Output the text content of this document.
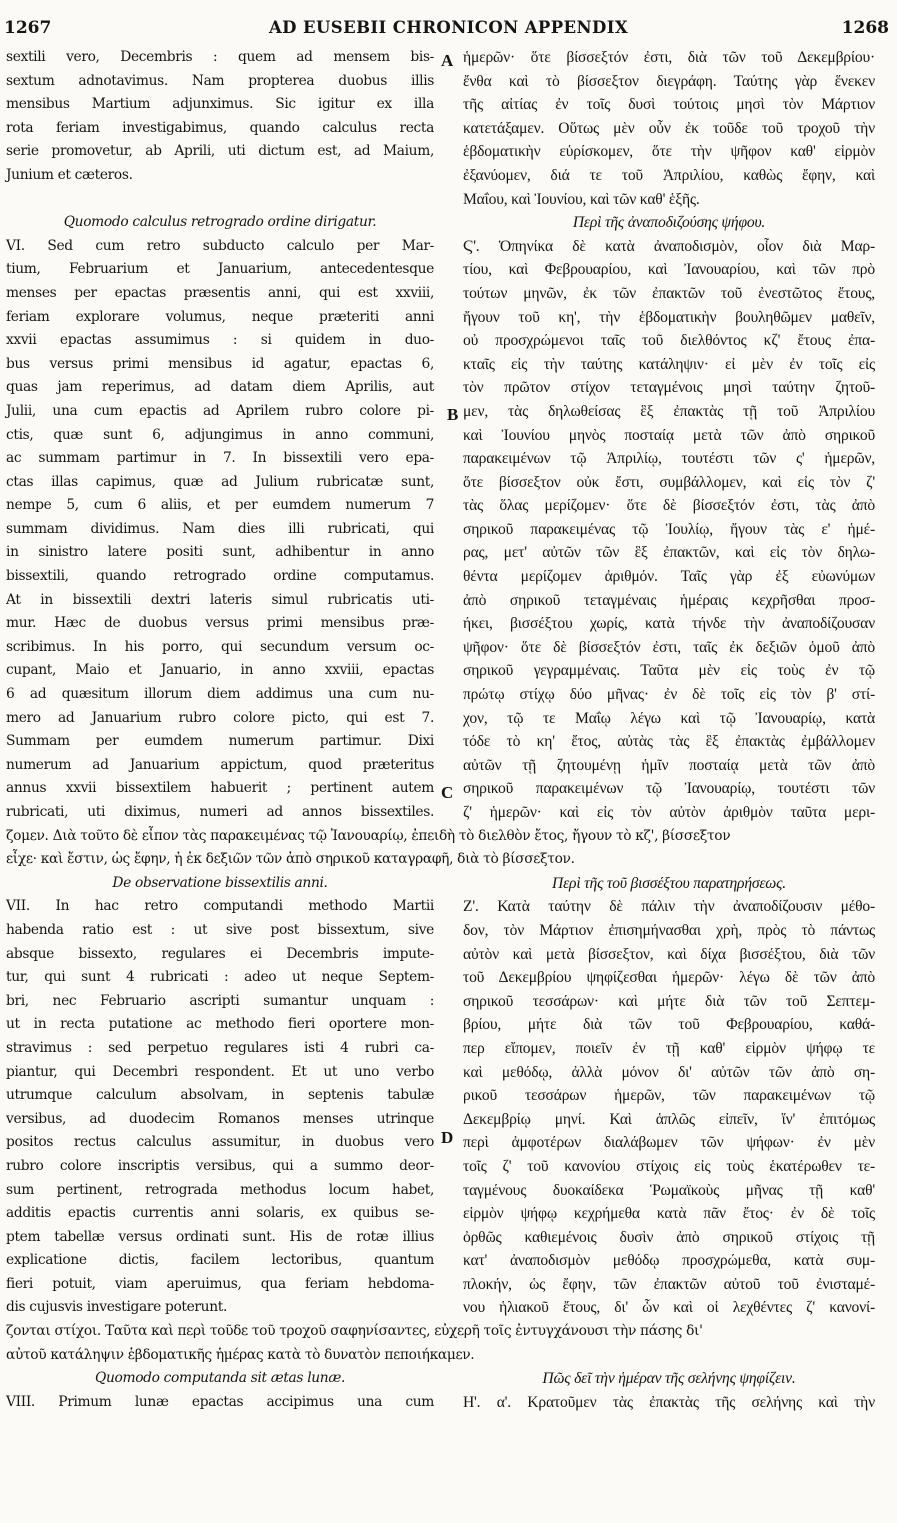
1267	AD EUSEBII CHRONICON APPENDIX	1268
sextili vero, Decembris : quem ad mensem bis-
sextum adnotavimus. Nam propterea duobus illis
mensibus Martium adjunximus. Sic igitur ex illa
rota feriam investigabimus, quando calculus recta
serie promovetur, ab Aprili, uti dictum est, ad Maium,
Junium et cæteros.
Quomodo calculus retrogrado ordine dirigatur.
VI. Sed cum retro subducto calculo per Mar-
tium, Februarium et Januarium, antecedentesque
menses per epactas præsentis anni, qui est xxviii,
feriam explorare volumus, neque præteriti anni
xxvii epactas assumimus : si quidem in duo-
bus versus primi mensibus id agatur, epactas 6,
quas jam reperimus, ad datam diem Aprilis, aut
Julii, una cum epactis ad Aprilem rubro colore pi-
ctis, quæ sunt 6, adjungimus in anno communi,
ac summam partimur in 7. In bissextili vero epa-
ctas illas capimus, quæ ad Julium rubricatæ sunt,
nempe 5, cum 6 aliis, et per eumdem numerum 7
summam dividimus. Nam dies illi rubricati, qui
in sinistro latere positi sunt, adhibentur in anno
bissextili, quando retrogrado ordine computamus.
At in bissextili dextri lateris simul rubricatis uti-
mur. Hæc de duobus versus primi mensibus præ-
scribimus. In his porro, qui secundum versum oc-
cupant, Maio et Januario, in anno xxviii, epactas
6 ad quæsitum illorum diem addimus una cum nu-
mero ad Januarium rubro colore picto, qui est 7.
Summam per eumdem numerum partimur. Dixi
numerum ad Januarium appictum, quod præteritus
annus xxvii bissextilem habuerit ; pertinent autem
rubricati, uti diximus, numeri ad annos bissextiles.
ζομεν. Διὰ τοῦτο δὲ εἶπον τὰς παρακειμένας τῷ Ἰανουαρίῳ, ἐπειδὴ τὸ διελθὸν ἔτος, ἤγουν τὸ κζ', βίσσεξτον
εἶχε· καὶ ἔστιν, ὡς ἔφην, ἡ ἐκ δεξιῶν τῶν ἀπὸ σηρικοῦ καταγραφῆ, διὰ τὸ βίσσεξτον.
De observatione bissextilis anni.
VII. In hac retro computandi methodo Martii
habenda ratio est : ut sive post bissextum, sive
absque bissexto, regulares ei Decembris impute-
tur, qui sunt 4 rubricati : adeo ut neque Septem-
bri, nec Februario ascripti sumantur unquam :
ut in recta putatione ac methodo fieri oportere mon-
stravimus : sed perpetuo regulares isti 4 rubri ca-
piantur, qui Decembri respondent. Et ut uno verbo
utrumque calculum absolvam, in septenis tabulæ
versibus, ad duodecim Romanos menses utrinque
positos rectus calculus assumitur, in duobus vero
rubro colore inscriptis versibus, qui a summo deor-
sum pertinent, retrograda methodus locum habet,
additis epactis currentis anni solaris, ex quibus se-
ptem tabellæ versus ordinati sunt. His de rotæ illius
explicatione dictis, facilem lectoribus, quantum
fieri potuit, viam aperuimus, qua feriam hebdoma-
dis cujusvis investigare poterunt.
ζονται στίχοι. Ταῦτα καὶ περὶ τοῦδε τοῦ τροχοῦ σαφηνίσαντες, εὐχερῆ τοῖς ἐντυγχάνουσι τὴν πάσης δι'
αὐτοῦ κατάληψιν ἑβδοματικῆς ἡμέρας κατὰ τὸ δυνατὸν πεποιήκαμεν.
Quomodo computanda sit ætas lunæ.
VIII. Primum lunæ epactas accipimus una cum
ἡμερῶν· ὅτε βίσσεξτόν ἐστι, διὰ τῶν τοῦ Δεκεμβρίου·
ἔνθα καὶ τὸ βίσσεξτον διεγράφη. Ταύτης γὰρ ἕνεκεν
τῆς αἰτίας ἐν τοῖς δυσὶ τούτοις μησὶ τὸν Μάρτιον
κατετάξαμεν. Οὕτως μὲν οὖν ἐκ τοῦδε τοῦ τροχοῦ τὴν
ἑβδοματικὴν εὑρίσκομεν, ὅτε τὴν ψῆφον καθ' εἱρμὸν
ἐξανύομεν, διά τε τοῦ Ἀπριλίου, καθὼς ἔφην, καὶ
Μαΐου, καὶ Ἰουνίου, καὶ τῶν καθ' ἑξῆς.
Περὶ τῆς ἀναποδιζούσης ψήφου.
Ϛ'. Ὁπηνίκα δὲ κατὰ ἀναποδισμὸν, οἷον διὰ Μαρ-
τίου, καὶ Φεβρουαρίου, καὶ Ἰανουαρίου, καὶ τῶν πρὸ
τούτων μηνῶν, ἐκ τῶν ἐπακτῶν τοῦ ἐνεστῶτος ἔτους,
ἤγουν τοῦ κη', τὴν ἑβδοματικὴν βουληθῶμεν μαθεῖν,
οὐ προσχρώμενοι ταῖς τοῦ διελθόντος κζ' ἔτους ἐπα-
κταῖς εἰς τὴν ταύτης κατάληψιν· εἰ μὲν ἐν τοῖς εἰς
τὸν πρῶτον στίχον τεταγμένοις μησὶ ταύτην ζητοῦ-
μεν, τὰς δηλωθείσας ἓξ ἐπακτὰς τῇ τοῦ Ἀπριλίου
καὶ Ἰουνίου μηνὸς ποσταίᾳ μετὰ τῶν ἀπὸ σηρικοῦ
παρακειμένων τῷ Ἀπριλίῳ, τουτέστι τῶν ς' ἡμερῶν,
ὅτε βίσσεξτον οὐκ ἔστι, συμβάλλομεν, καὶ εἰς τὸν ζ'
τὰς ὅλας μερίζομεν· ὅτε δὲ βίσσεξτόν ἐστι, τὰς ἀπὸ
σηρικοῦ παρακειμένας τῷ Ἰουλίῳ, ἤγουν τὰς ε' ἡμέ-
ρας, μετ' αὐτῶν τῶν ἓξ ἐπακτῶν, καὶ εἰς τὸν δηλω-
θέντα μερίζομεν ἀριθμόν. Ταῖς γὰρ ἐξ εὐωνύμων
ἀπὸ σηρικοῦ τεταγμέναις ἡμέραις κεχρῆσθαι προσ-
ήκει, βισσέξτου χωρίς, κατὰ τήνδε τὴν ἀναποδίζουσαν
ψῆφον· ὅτε δὲ βίσσεξτόν ἐστι, ταῖς ἐκ δεξιῶν ὁμοῦ ἀπὸ
σηρικοῦ γεγραμμέναις. Ταῦτα μὲν εἰς τοὺς ἐν τῷ
πρώτῳ στίχῳ δύο μῆνας· ἐν δὲ τοῖς εἰς τὸν β' στί-
χον, τῷ τε Μαΐῳ λέγω καὶ τῷ Ἰανουαρίῳ, κατὰ
τόδε τὸ κη' ἔτος, αὐτὰς τὰς ἓξ ἐπακτὰς ἐμβάλλομεν
αὐτῶν τῇ ζητουμένῃ ἡμῖν ποσταίᾳ μετὰ τῶν ἀπὸ
σηρικοῦ παρακειμένων τῷ Ἰανουαρίῳ, τουτέστι τῶν
ζ' ἡμερῶν· καὶ εἰς τὸν αὐτὸν ἀριθμὸν ταῦτα μερι-
Περὶ τῆς τοῦ βισσέξτου παρατηρήσεως.
Ζ'. Κατὰ ταύτην δὲ πάλιν τὴν ἀναποδίζουσιν μέθο-
δον, τὸν Μάρτιον ἐπισημήνασθαι χρὴ, πρὸς τὸ πάντως
αὐτὸν καὶ μετὰ βίσσεξτον, καὶ δίχα βισσέξτου, διὰ τῶν
τοῦ Δεκεμβρίου ψηφίζεσθαι ἡμερῶν· λέγω δὲ τῶν ἀπὸ
σηρικοῦ τεσσάρων· καὶ μήτε διὰ τῶν τοῦ Σεπτεμ-
βρίου, μήτε διὰ τῶν τοῦ Φεβρουαρίου, καθά-
περ εἴπομεν, ποιεῖν ἐν τῇ καθ' εἱρμὸν ψήφῳ τε
καὶ μεθόδῳ, ἀλλὰ μόνον δι' αὐτῶν τῶν ἀπὸ ση-
ρικοῦ τεσσάρων ἡμερῶν, τῶν παρακειμένων τῷ
Δεκεμβρίῳ μηνί. Καὶ ἁπλῶς εἰπεῖν, ἵν' ἐπιτόμως
περὶ ἀμφοτέρων διαλάβωμεν τῶν ψήφων· ἐν μὲν
τοῖς ζ' τοῦ κανονίου στίχοις εἰς τοὺς ἑκατέρωθεν τε-
ταγμένους δυοκαίδεκα Ῥωμαϊκοὺς μῆνας τῇ καθ'
εἱρμὸν ψήφῳ κεχρήμεθα κατὰ πᾶν ἔτος· ἐν δὲ τοῖς
ὀρθῶς καθιεμένοις δυσὶν ἀπὸ σηρικοῦ στίχοις τῇ
κατ' ἀναποδισμὸν μεθόδῳ προσχρώμεθα, κατὰ συμ-
πλοκήν, ὡς ἔφην, τῶν ἐπακτῶν αὐτοῦ τοῦ ἐνισταμέ-
νου ἡλιακοῦ ἔτους, δι' ὧν καὶ οἱ λεχθέντες ζ' κανονί-
Πῶς δεῖ τὴν ἡμέραν τῆς σελήνης ψηφίζειν.
Η'. α'. Κρατοῦμεν τὰς ἐπακτὰς τῆς σελήνης καὶ τὴν
A
B
C
D
